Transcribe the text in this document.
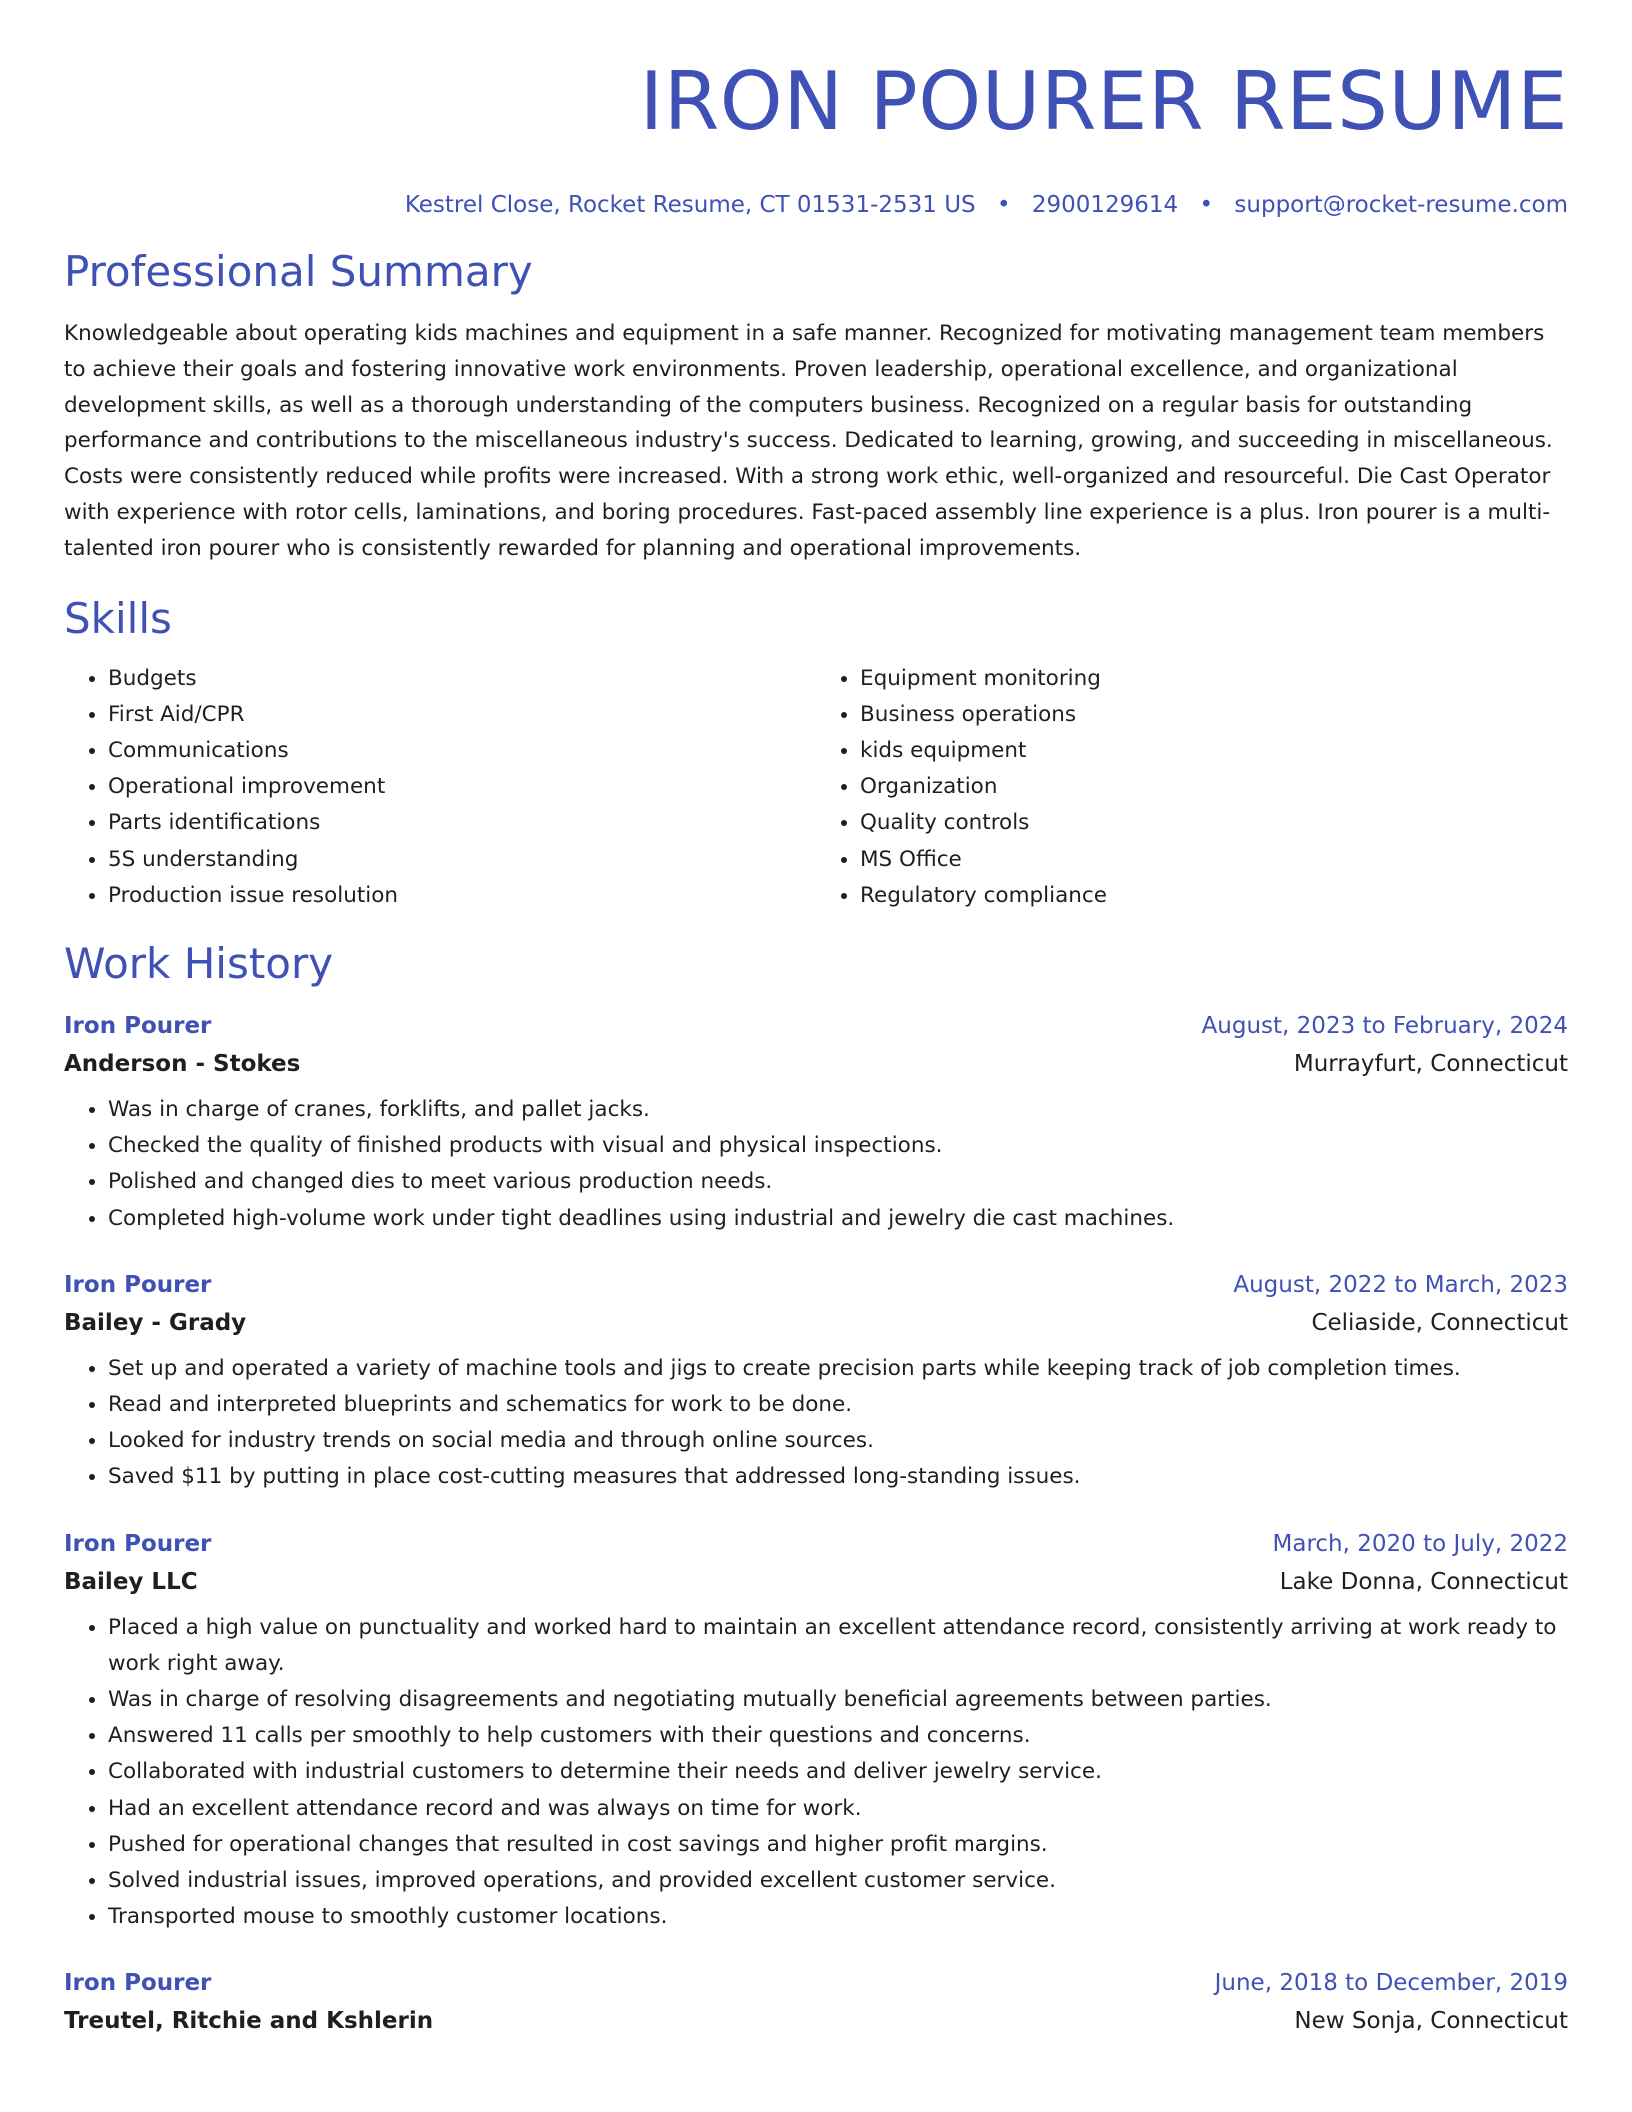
IRON POURER RESUME
Kestrel Close, Rocket Resume, CT 01531-2531 US • 2900129614 • support@rocket-resume.com
Professional Summary
Knowledgeable about operating kids machines and equipment in a safe manner. Recognized for motivating management team members to achieve their goals and fostering innovative work environments. Proven leadership, operational excellence, and organizational development skills, as well as a thorough understanding of the computers business. Recognized on a regular basis for outstanding performance and contributions to the miscellaneous industry's success. Dedicated to learning, growing, and succeeding in miscellaneous. Costs were consistently reduced while profits were increased. With a strong work ethic, well-organized and resourceful. Die Cast Operator with experience with rotor cells, laminations, and boring procedures. Fast-paced assembly line experience is a plus. Iron pourer is a multi-talented iron pourer who is consistently rewarded for planning and operational improvements.
Skills
• Budgets
• First Aid/CPR
• Communications
• Operational improvement
• Parts identifications
• 5S understanding
• Production issue resolution
• Equipment monitoring
• Business operations
• kids equipment
• Organization
• Quality controls
• MS Office
• Regulatory compliance
Work History
Iron Pourer	August, 2023 to February, 2024
Anderson - Stokes	Murrayfurt, Connecticut
• Was in charge of cranes, forklifts, and pallet jacks.
• Checked the quality of finished products with visual and physical inspections.
• Polished and changed dies to meet various production needs.
• Completed high-volume work under tight deadlines using industrial and jewelry die cast machines.
Iron Pourer	August, 2022 to March, 2023
Bailey - Grady	Celiaside, Connecticut
• Set up and operated a variety of machine tools and jigs to create precision parts while keeping track of job completion times.
• Read and interpreted blueprints and schematics for work to be done.
• Looked for industry trends on social media and through online sources.
• Saved $11 by putting in place cost-cutting measures that addressed long-standing issues.
Iron Pourer	March, 2020 to July, 2022
Bailey LLC	Lake Donna, Connecticut
• Placed a high value on punctuality and worked hard to maintain an excellent attendance record, consistently arriving at work ready to work right away.
• Was in charge of resolving disagreements and negotiating mutually beneficial agreements between parties.
• Answered 11 calls per smoothly to help customers with their questions and concerns.
• Collaborated with industrial customers to determine their needs and deliver jewelry service.
• Had an excellent attendance record and was always on time for work.
• Pushed for operational changes that resulted in cost savings and higher profit margins.
• Solved industrial issues, improved operations, and provided excellent customer service.
• Transported mouse to smoothly customer locations.
Iron Pourer	June, 2018 to December, 2019
Treutel, Ritchie and Kshlerin	New Sonja, Connecticut
